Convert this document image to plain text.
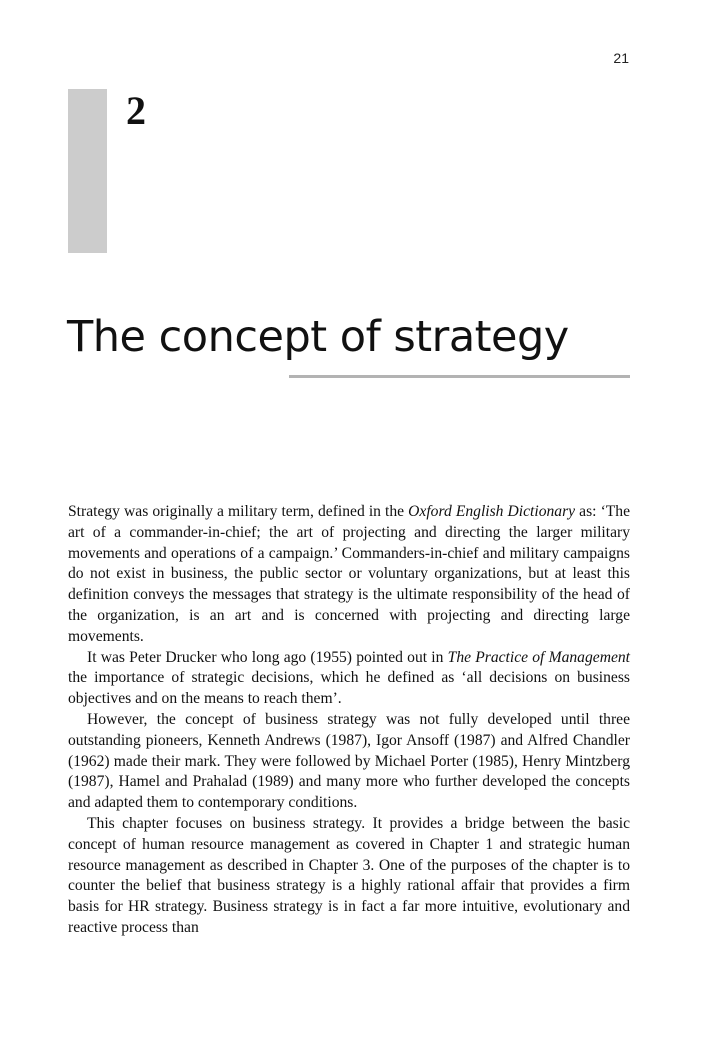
21
2
The concept of strategy

Strategy was originally a military term, defined in the Oxford English Dictionary as: ‘The art of a commander-in-chief; the art of projecting and directing the larger military movements and operations of a campaign.’ Commanders-in-chief and military campaigns do not exist in business, the public sector or voluntary organizations, but at least this definition conveys the messages that strategy is the ultimate responsibility of the head of the organization, is an art and is concerned with projecting and directing large movements.

It was Peter Drucker who long ago (1955) pointed out in The Practice of Management the importance of strategic decisions, which he defined as ‘all decisions on business objectives and on the means to reach them’.

However, the concept of business strategy was not fully developed until three outstanding pioneers, Kenneth Andrews (1987), Igor Ansoff (1987) and Alfred Chandler (1962) made their mark. They were followed by Michael Porter (1985), Henry Mintzberg (1987), Hamel and Prahalad (1989) and many more who further developed the concepts and adapted them to contemporary conditions.

This chapter focuses on business strategy. It provides a bridge between the basic concept of human resource management as covered in Chapter 1 and strategic human resource management as described in Chapter 3. One of the purposes of the chapter is to counter the belief that business strategy is a highly rational affair that provides a firm basis for HR strategy. Business strategy is in fact a far more intuitive, evolutionary and reactive process than
